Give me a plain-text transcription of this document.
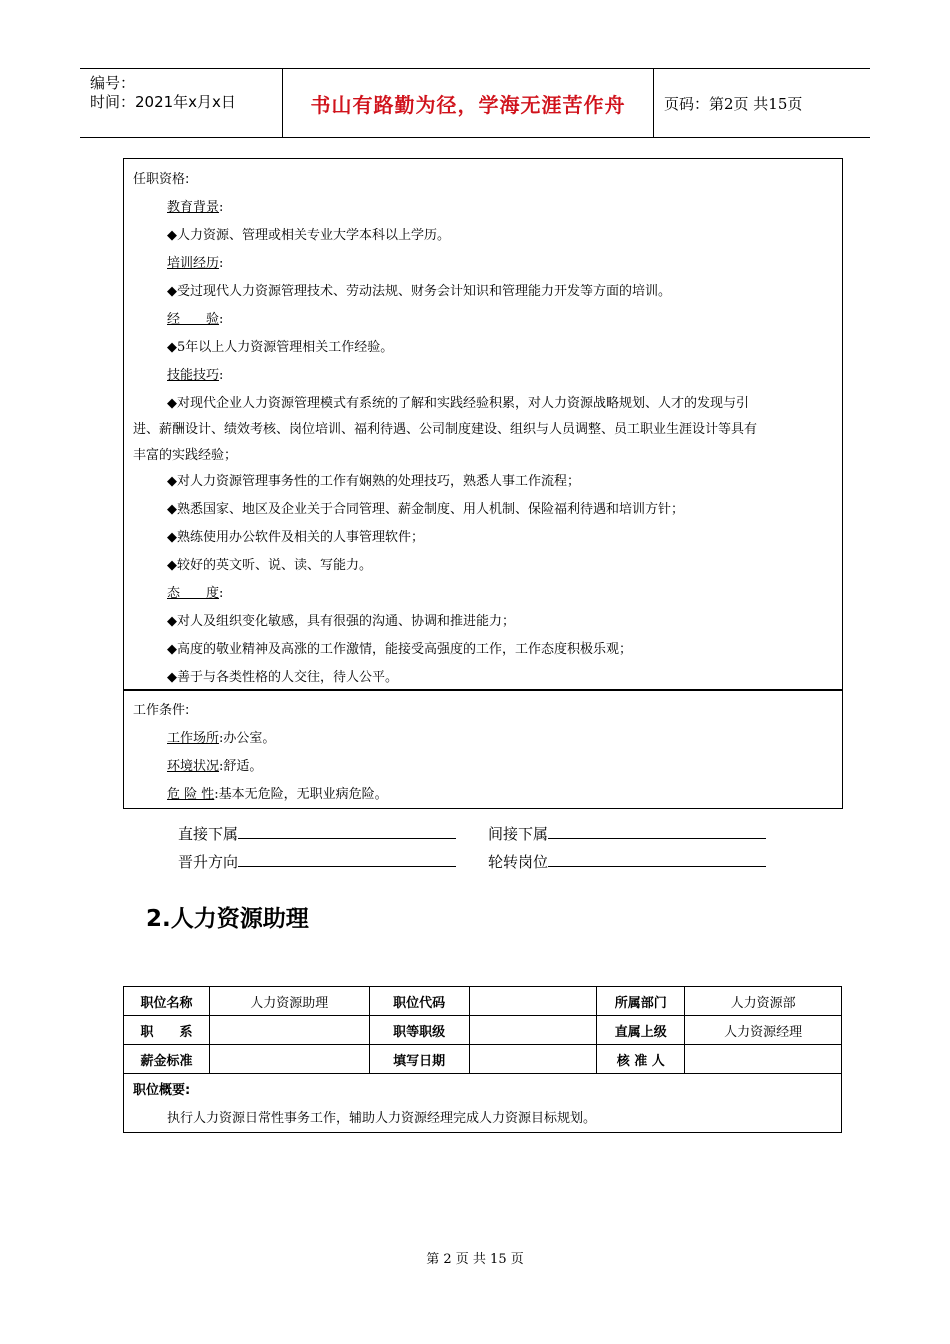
编号：
时间：2021年x月x日	书山有路勤为径，学海无涯苦作舟	页码：第2页 共15页
任职资格:
教育背景:
◆人力资源、管理或相关专业大学本科以上学历。
培训经历:
◆受过现代人力资源管理技术、劳动法规、财务会计知识和管理能力开发等方面的培训。
经　　验:
◆5年以上人力资源管理相关工作经验。
技能技巧:
◆对现代企业人力资源管理模式有系统的了解和实践经验积累，对人力资源战略规划、人才的发现与引
进、薪酬设计、绩效考核、岗位培训、福利待遇、公司制度建设、组织与人员调整、员工职业生涯设计等具有
丰富的实践经验；
◆对人力资源管理事务性的工作有娴熟的处理技巧，熟悉人事工作流程；
◆熟悉国家、地区及企业关于合同管理、薪金制度、用人机制、保险福利待遇和培训方针；
◆熟练使用办公软件及相关的人事管理软件；
◆较好的英文听、说、读、写能力。
态　　度:
◆对人及组织变化敏感，具有很强的沟通、协调和推进能力；
◆高度的敬业精神及高涨的工作激情，能接受高强度的工作，工作态度积极乐观；
◆善于与各类性格的人交往，待人公平。
工作条件:
工作场所:办公室。
环境状况:舒适。
危 险 性:基本无危险，无职业病危险。
直接下属	间接下属
晋升方向	轮转岗位
2.人力资源助理
职位名称	人力资源助理	职位代码		所属部门	人力资源部
职　　系		职等职级		直属上级	人力资源经理
薪金标准		填写日期		核 准 人	

职位概要:
执行人力资源日常性事务工作，辅助人力资源经理完成人力资源目标规划。					
第 2 页 共 15 页
